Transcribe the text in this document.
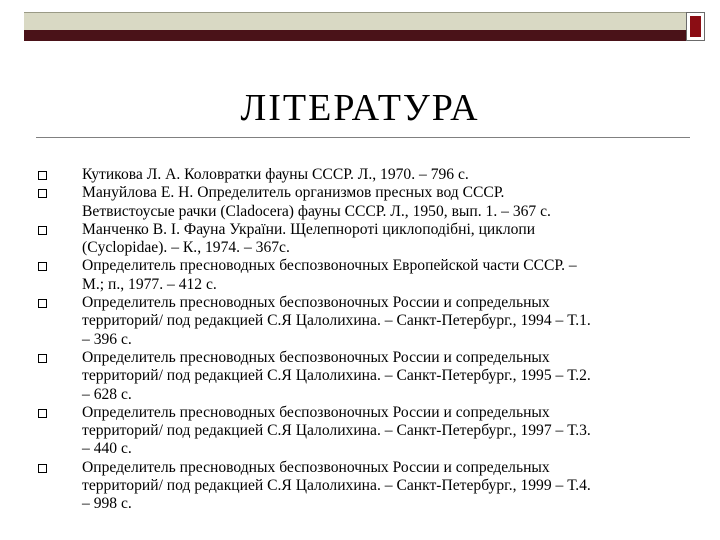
ЛІТЕРАТУРА
Кутикова Л. А. Коловратки фауны СССР. Л., 1970. – 796 с.
Мануйлова Е. Н. Определитель организмов пресных вод СССР.
Ветвистоусые рачки (Cladocera) фауны СССР. Л., 1950, вып. 1. – 367 с.
Манченко В. І. Фауна України. Щелепнороті циклоподібні, циклопи
(Cyclopidae). – К., 1974. – 367с.
Определитель пресноводных беспозвоночных Европейской части СССР. –
М.; п., 1977. – 412 с.
Определитель пресноводных беспозвоночных России и сопредельных
территорий/ под редакцией С.Я Цалолихина. – Санкт-Петербург., 1994 – Т.1.
– 396 с.
Определитель пресноводных беспозвоночных России и сопредельных
территорий/ под редакцией С.Я Цалолихина. – Санкт-Петербург., 1995 – Т.2.
– 628 с.
Определитель пресноводных беспозвоночных России и сопредельных
территорий/ под редакцией С.Я Цалолихина. – Санкт-Петербург., 1997 – Т.3.
– 440 с.
Определитель пресноводных беспозвоночных России и сопредельных
территорий/ под редакцией С.Я Цалолихина. – Санкт-Петербург., 1999 – Т.4.
– 998 с.
